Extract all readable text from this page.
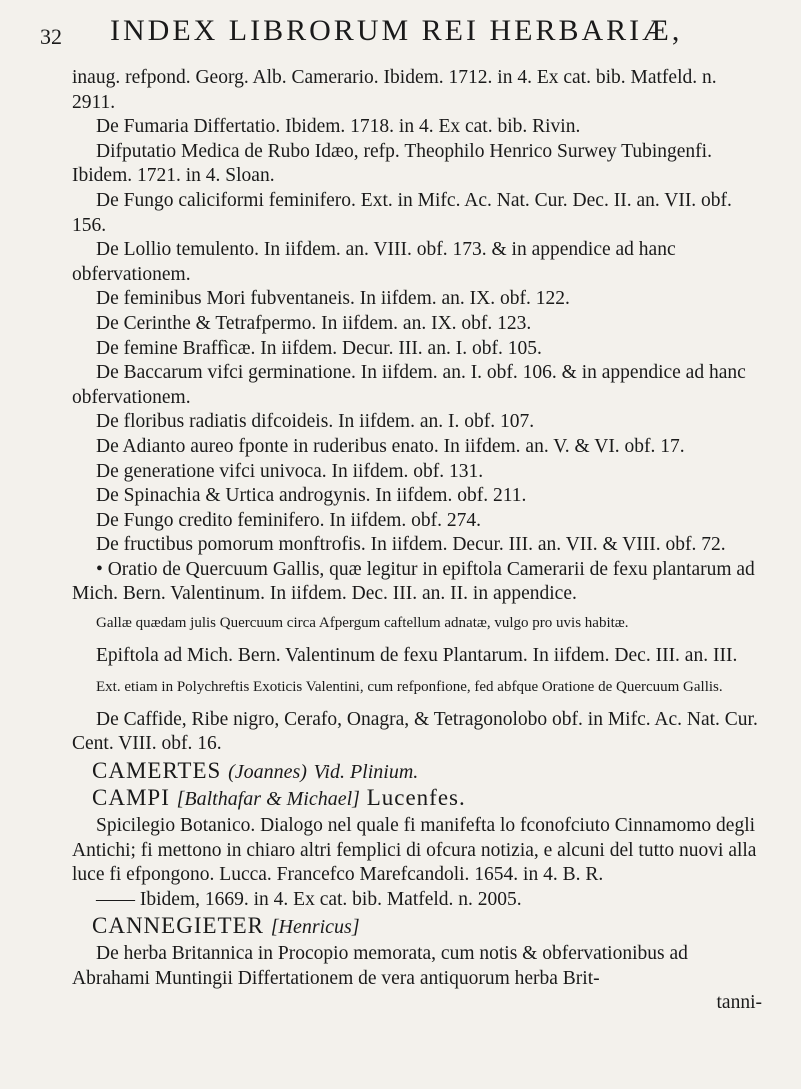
32 INDEX LIBRORUM REI HERBARIÆ,

inaug. refpond. Georg. Alb. Camerario. Ibidem. 1712. in 4. Ex cat. bib. Matfeld. n. 2911.

De Fumaria Differtatio. Ibidem. 1718. in 4. Ex cat. bib. Rivin.

Difputatio Medica de Rubo Idæo, refp. Theophilo Henrico Surwey Tubingenfi. Ibidem. 1721. in 4. Sloan.

De Fungo caliciformi feminifero. Ext. in Mifc. Ac. Nat. Cur. Dec. II. an. VII. obf. 156.

De Lollio temulento. In iifdem. an. VIII. obf. 173. & in appendice ad hanc obfervationem.

De feminibus Mori fubventaneis. In iifdem. an. IX. obf. 122.

De Cerinthe & Tetrafpermo. In iifdem. an. IX. obf. 123.

De femine Braffìcæ. In iifdem. Decur. III. an. I. obf. 105.

De Baccarum vifci germinatione. In iifdem. an. I. obf. 106. & in appendice ad hanc obfervationem.

De floribus radiatis difcoideis. In iifdem. an. I. obf. 107.

De Adianto aureo fponte in ruderibus enato. In iifdem. an. V. & VI. obf. 17.

De generatione vifci univoca. In iifdem. obf. 131.

De Spinachia & Urtica androgynis. In iifdem. obf. 211.

De Fungo credito feminifero. In iifdem. obf. 274.

De fructibus pomorum monftrofis. In iifdem. Decur. III. an. VII. & VIII. obf. 72.

• Oratio de Quercuum Gallis, quæ legitur in epiftola Camerarii de fexu plantarum ad Mich. Bern. Valentinum. In iifdem. Dec. III. an. II. in appendice.

Gallæ quædam julis Quercuum circa Afpergum caftellum adnatæ, vulgo pro uvis habitæ.

Epiftola ad Mich. Bern. Valentinum de fexu Plantarum. In iifdem. Dec. III. an. III.

Ext. etiam in Polychreftis Exoticis Valentini, cum refponfione, fed abfque Oratione de Quercuum Gallis.

De Caffide, Ribe nigro, Cerafo, Onagra, & Tetragonolobo obf. in Mifc. Ac. Nat. Cur. Cent. VIII. obf. 16.

CAMERTES (Joannes) Vid. Plinium.
CAMPI [Balthafar & Michael] Lucenfes.

Spicilegio Botanico. Dialogo nel quale fi manifefta lo fconofciuto Cinnamomo degli Antichi; fi mettono in chiaro altri femplici di ofcura notizia, e alcuni del tutto nuovi alla luce fi efpongono. Lucca. Francefco Marefcandoli. 1654. in 4. B. R.

—— Ibidem, 1669. in 4. Ex cat. bib. Matfeld. n. 2005.

CANNEGIETER [Henricus]

De herba Britannica in Procopio memorata, cum notis & obfervationibus ad Abrahami Muntingii Differtationem de vera antiquorum herba Brit-

tanni-
